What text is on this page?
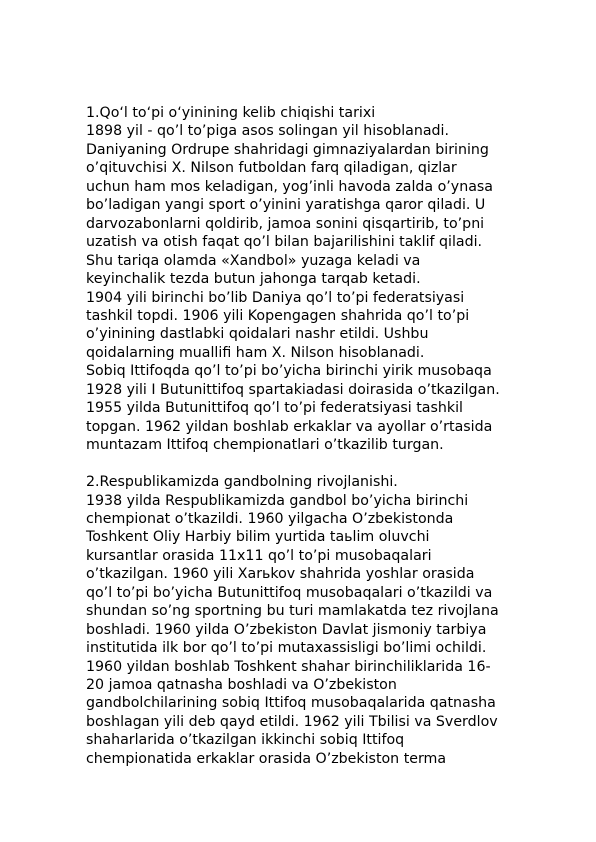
1.Qo‘l to‘pi o‘yinining kelib chiqishi tarixi
1898 yil - qo’l to’piga asos solingan yil hisoblanadi.
Daniyaning Ordrupe shahridagi gimnaziyalardan birining
o’qituvchisi X. Nilson futboldan farq qiladigan, qizlar
uchun ham mos keladigan, yog’inli havoda zalda o’ynasa
bo’ladigan yangi sport o’yinini yaratishga qaror qiladi. U
darvozabonlarni qoldirib, jamoa sonini qisqartirib, to’pni
uzatish va otish faqat qo’l bilan bajarilishini taklif qiladi.
Shu tariqa olamda «Xandbol» yuzaga keladi va
keyinchalik tezda butun jahonga tarqab ketadi.
1904 yili birinchi bo’lib Daniya qo’l to’pi federatsiyasi
tashkil topdi. 1906 yili Kopengagen shahrida qo’l to’pi
o’yinining dastlabki qoidalari nashr etildi. Ushbu
qoidalarning muallifi ham X. Nilson hisoblanadi.
Sobiq Ittifoqda qo’l to’pi bo’yicha birinchi yirik musobaqa
1928 yili I Butunittifoq spartakiadasi doirasida o’tkazilgan.
1955 yilda Butunittifoq qo’l to’pi federatsiyasi tashkil
topgan. 1962 yildan boshlab erkaklar va ayollar o’rtasida
muntazam Ittifoq chempionatlari o’tkazilib turgan.
2.Respublikamizda gandbolning rivojlanishi.
1938 yilda Respublikamizda gandbol bo’yicha birinchi
chempionat o’tkazildi. 1960 yilgacha O’zbekistonda
Toshkent Oliy Harbiy bilim yurtida taьlim oluvchi
kursantlar orasida 11x11 qo’l to’pi musobaqalari
o’tkazilgan. 1960 yili Xarьkov shahrida yoshlar orasida
qo’l to’pi bo’yicha Butunittifoq musobaqalari o’tkazildi va
shundan so’ng sportning bu turi mamlakatda tez rivojlana
boshladi. 1960 yilda O’zbekiston Davlat jismoniy tarbiya
institutida ilk bor qo’l to’pi mutaxassisligi bo’limi ochildi.
1960 yildan boshlab Toshkent shahar birinchiliklarida 16-
20 jamoa qatnasha boshladi va O’zbekiston
gandbolchilarining sobiq Ittifoq musobaqalarida qatnasha
boshlagan yili deb qayd etildi. 1962 yili Tbilisi va Sverdlov
shaharlarida o’tkazilgan ikkinchi sobiq Ittifoq
chempionatida erkaklar orasida O’zbekiston terma
